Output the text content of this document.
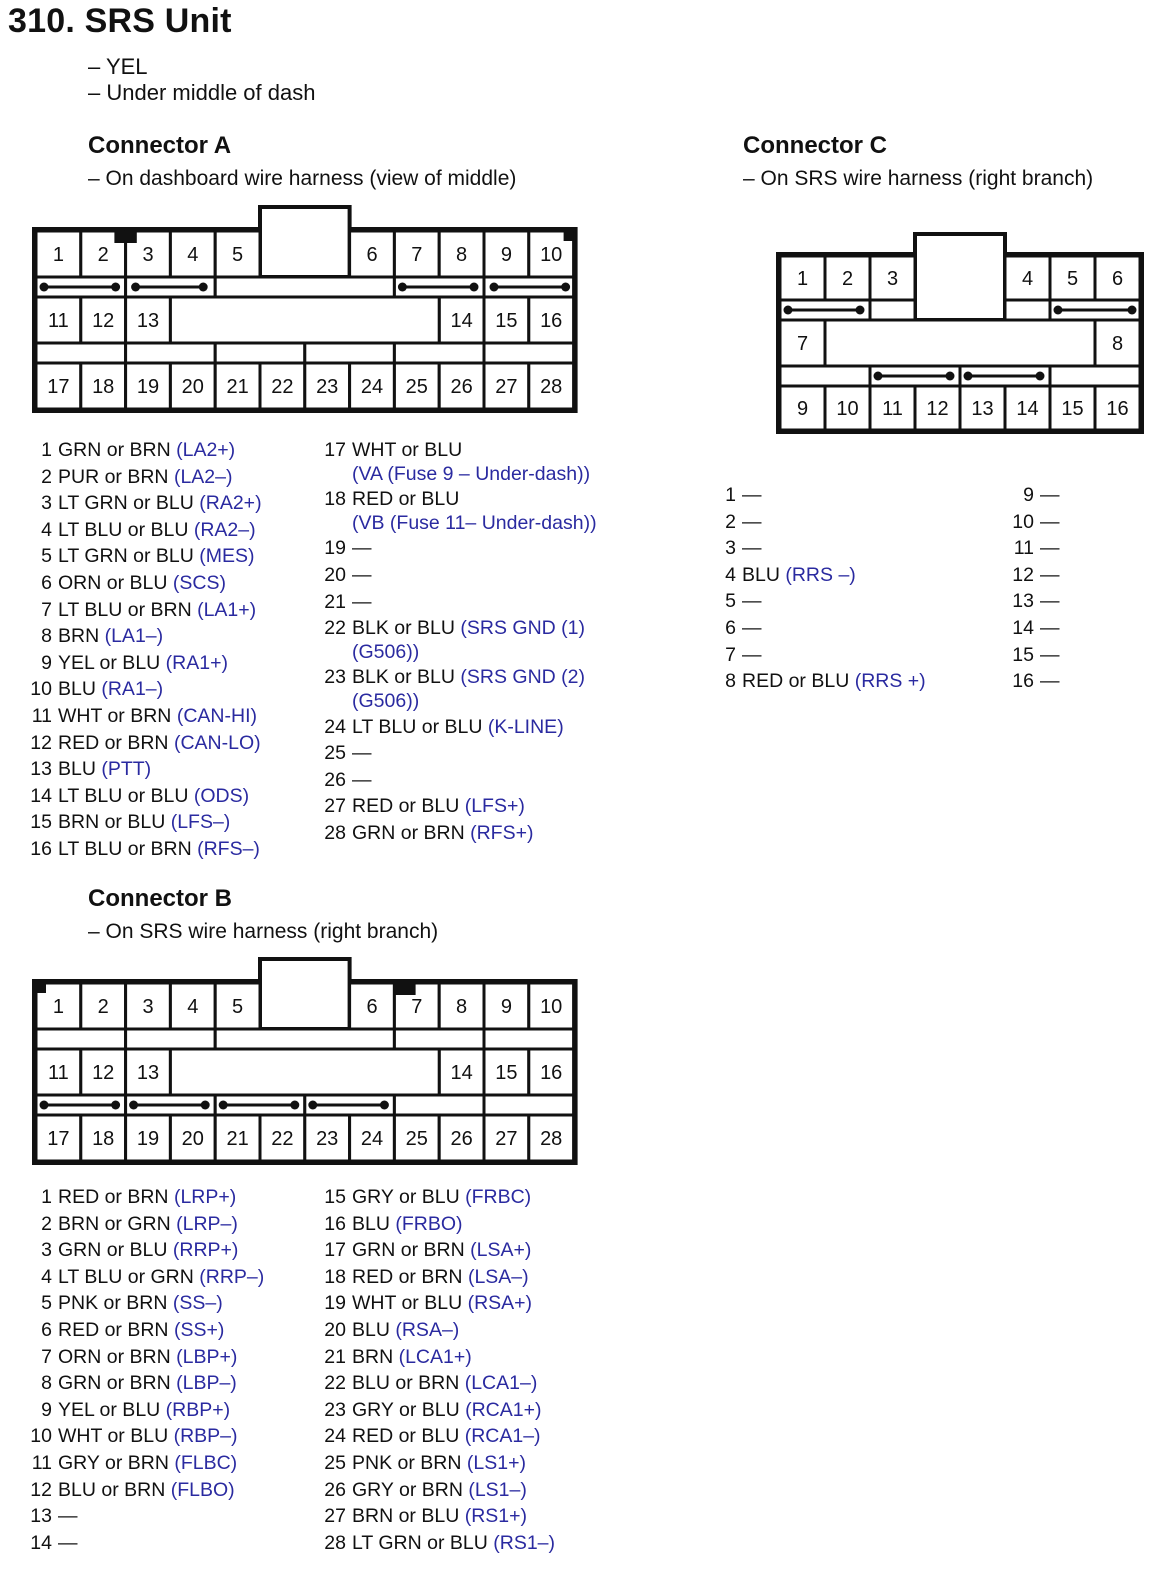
310. SRS Unit
– YEL
– Under middle of dash
Connector A
– On dashboard wire harness (view of middle)
Connector C
– On SRS wire harness (right branch)
Connector B
– On SRS wire harness (right branch)
1 2 3 4 5	6 7 8 9 10
11 12 13	14 15 16
17 18 19 20 21 22 23 24 25 26 27 28
1 2 3 4 5	6 7 8 9 10
11 12 13	14 15 16
17 18 19 20 21 22 23 24 25 26 27 28
1 2 3	4 5 6
7	8
9 10 11 12 13 14 15 16
1 GRN or BRN (LA2+)
2 PUR or BRN (LA2–)
3 LT GRN or BLU (RA2+)
4 LT BLU or BLU (RA2–)
5 LT GRN or BLU (MES)
6 ORN or BLU (SCS)
7 LT BLU or BRN (LA1+)
8 BRN (LA1–)
9 YEL or BLU (RA1+)
10 BLU (RA1–)
11 WHT or BRN (CAN-HI)
12 RED or BRN (CAN-LO)
13 BLU (PTT)
14 LT BLU or BLU (ODS)
15 BRN or BLU (LFS–)
16 LT BLU or BRN (RFS–)
17 WHT or BLU
(VA (Fuse 9 – Under-dash))
18 RED or BLU
(VB (Fuse 11– Under-dash))
19 —
20 —
21 —
22 BLK or BLU (SRS GND (1)
(G506))
23 BLK or BLU (SRS GND (2)
(G506))
24 LT BLU or BLU (K-LINE)
25 —
26 —
27 RED or BLU (LFS+)
28 GRN or BRN (RFS+)
1 RED or BRN (LRP+)
2 BRN or GRN (LRP–)
3 GRN or BLU (RRP+)
4 LT BLU or GRN (RRP–)
5 PNK or BRN (SS–)
6 RED or BRN (SS+)
7 ORN or BRN (LBP+)
8 GRN or BRN (LBP–)
9 YEL or BLU (RBP+)
10 WHT or BLU (RBP–)
11 GRY or BRN (FLBC)
12 BLU or BRN (FLBO)
13 —
14 —
15 GRY or BLU (FRBC)
16 BLU (FRBO)
17 GRN or BRN (LSA+)
18 RED or BRN (LSA–)
19 WHT or BLU (RSA+)
20 BLU (RSA–)
21 BRN (LCA1+)
22 BLU or BRN (LCA1–)
23 GRY or BLU (RCA1+)
24 RED or BLU (RCA1–)
25 PNK or BRN (LS1+)
26 GRY or BRN (LS1–)
27 BRN or BLU (RS1+)
28 LT GRN or BLU (RS1–)
1 —
2 —
3 —
4 BLU (RRS –)
5 —
6 —
7 —
8 RED or BLU (RRS +)
9 —
10 —
11 —
12 —
13 —
14 —
15 —
16 —
